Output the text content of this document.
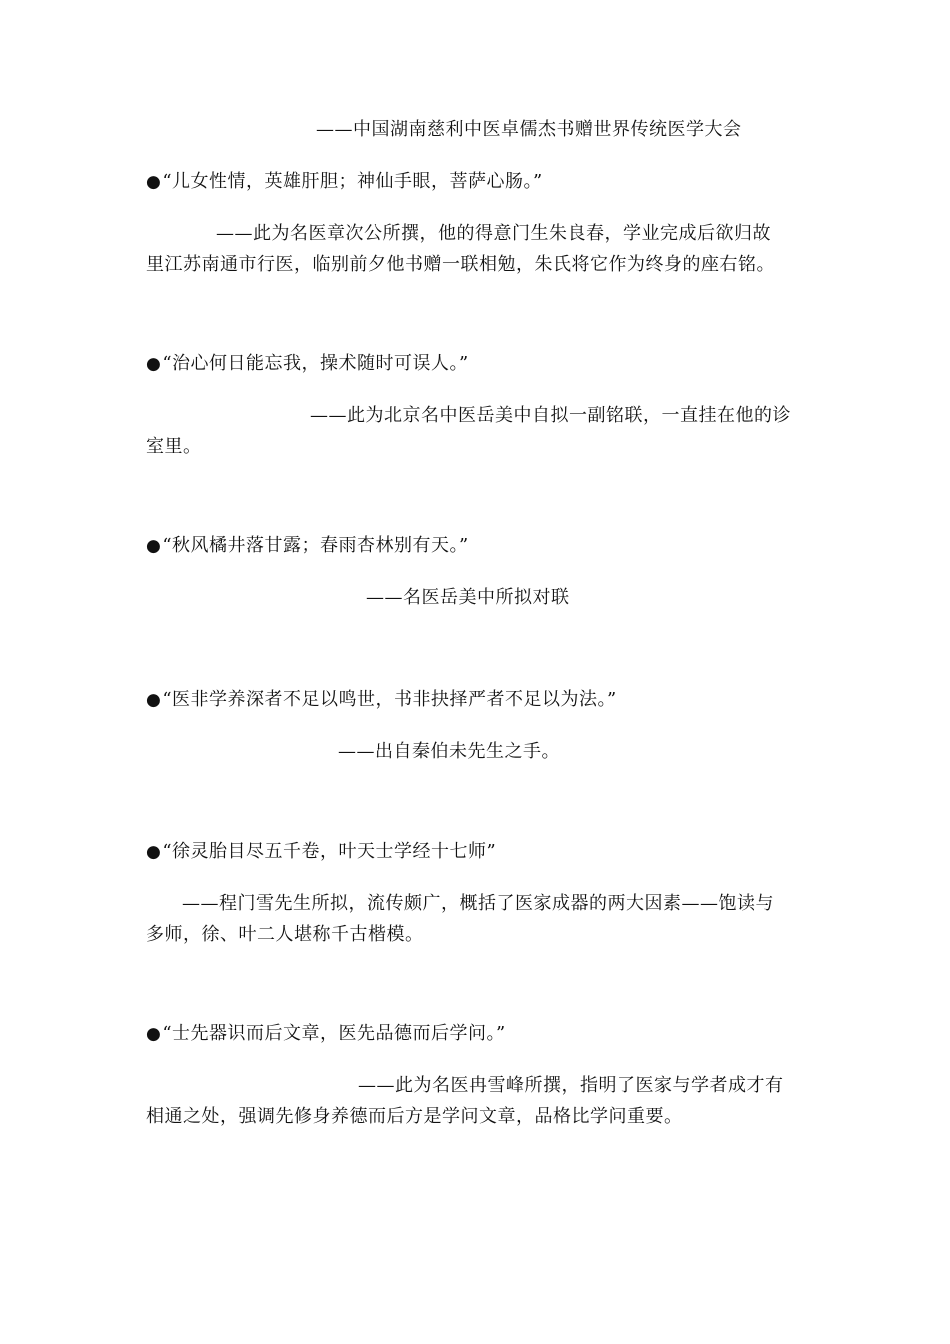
——中国湖南慈利中医卓儒杰书赠世界传统医学大会
●“儿女性情，英雄肝胆；神仙手眼，菩萨心肠。”
——此为名医章次公所撰，他的得意门生朱良春，学业完成后欲归故
里江苏南通市行医，临别前夕他书赠一联相勉，朱氏将它作为终身的座右铭。
●“治心何日能忘我，操术随时可误人。”
——此为北京名中医岳美中自拟一副铭联，一直挂在他的诊
室里。
●“秋风橘井落甘露；春雨杏林别有天。”
——名医岳美中所拟对联
●“医非学养深者不足以鸣世，书非抉择严者不足以为法。”
——出自秦伯未先生之手。
●“徐灵胎目尽五千卷，叶天士学经十七师”
——程门雪先生所拟，流传颇广，概括了医家成器的两大因素——饱读与
多师，徐、叶二人堪称千古楷模。
●“士先器识而后文章，医先品德而后学问。”
——此为名医冉雪峰所撰，指明了医家与学者成才有
相通之处，强调先修身养德而后方是学问文章，品格比学问重要。
